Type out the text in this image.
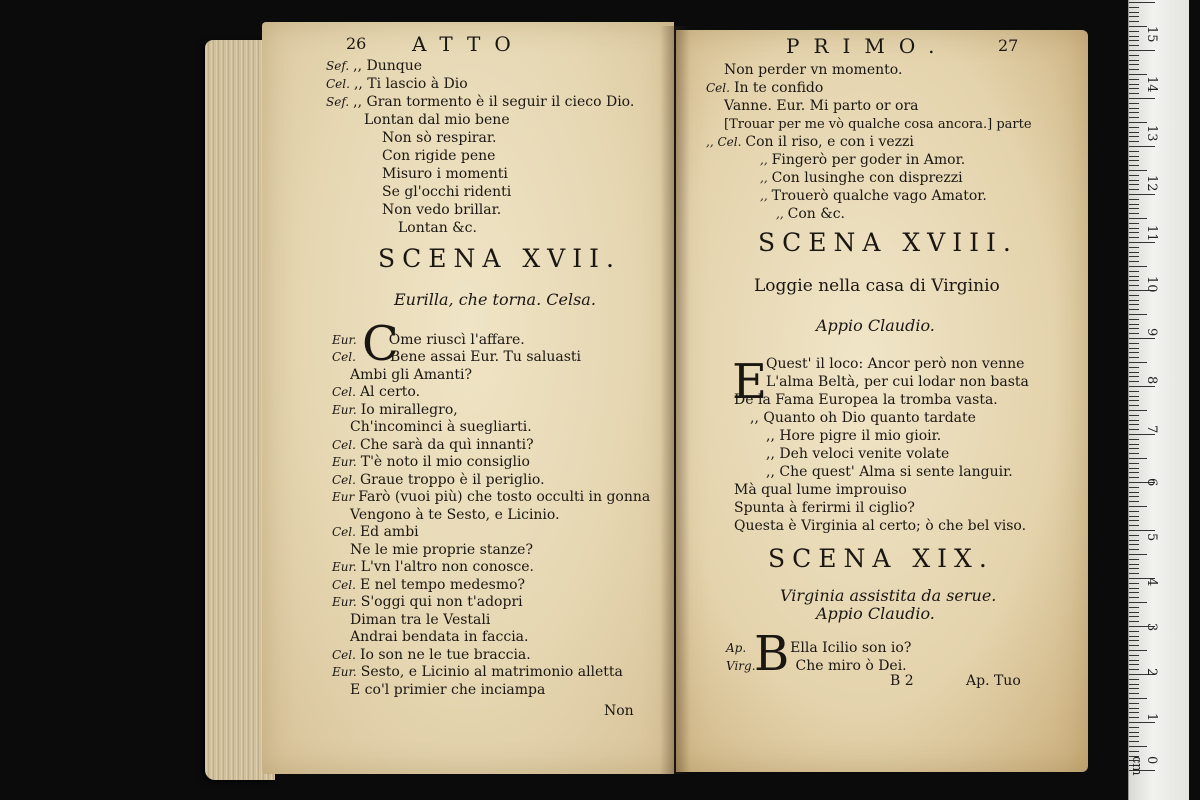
26 ATTO
Sef. ,, Dunque
Cel. ,, Ti lascio à Dio
Sef. ,, Gran tormento è il seguir il cieco Dio.
Lontan dal mio bene
Non sò respirar.
Con rigide pene
Misuro i momenti
Se gl'occhi ridenti
Non vedo brillar.
Lontan &c.
SCENA XVII.
Eurilla, che torna. Celsa.
C
Eur. Ome riuscì l'affare.
Cel. Bene assai Eur. Tu saluasti
Ambi gli Amanti?
Cel. Al certo.
Eur. Io mirallegro,
Ch'incominci à suegliarti.
Cel. Che sarà da quì innanti?
Eur. T'è noto il mio consiglio
Cel. Graue troppo è il periglio.
Eur Farò (vuoi più) che tosto occulti in gonna
Vengono à te Sesto, e Licinio.
Cel. Ed ambi
Ne le mie proprie stanze?
Eur. L'vn l'altro non conosce.
Cel. E nel tempo medesmo?
Eur. S'oggi qui non t'adopri
Diman tra le Vestali
Andrai bendata in faccia.
Cel. Io son ne le tue braccia.
Eur. Sesto, e Licinio al matrimonio alletta
E co'l primier che inciampa
Non
PRIMO.	27
Non perder vn momento.
Cel. In te confido
Vanne. Eur. Mi parto or ora
[Trouar per me vò qualche cosa ancora.] parte
,, Cel. Con il riso, e con i vezzi
,, Fingerò per goder in Amor.
,, Con lusinghe con disprezzi
,, Trouerò qualche vago Amator.
,, Con &c.
SCENA XVIII.
Loggie nella casa di Virginio
Appio Claudio.
E
Quest' il loco: Ancor però non venne
L'alma Beltà, per cui lodar non basta
De la Fama Europea la tromba vasta.
,, Quanto oh Dio quanto tardate
,, Hore pigre il mio gioir.
,, Deh veloci venite volate
,, Che quest' Alma si sente languir.
Mà qual lume improuiso
Spunta à ferirmi il ciglio?
Questa è Virginia al certo; ò che bel viso.
SCENA XIX.
Virginia assistita da serue.
Appio Claudio.
B
Ap.	Ella Icilio son io?
Virg.	Che miro ò Dei.
B 2	Ap. Tuo
0 cm
1
2
3
4
5
6
7
8
9
10
11
12
13
14
15
